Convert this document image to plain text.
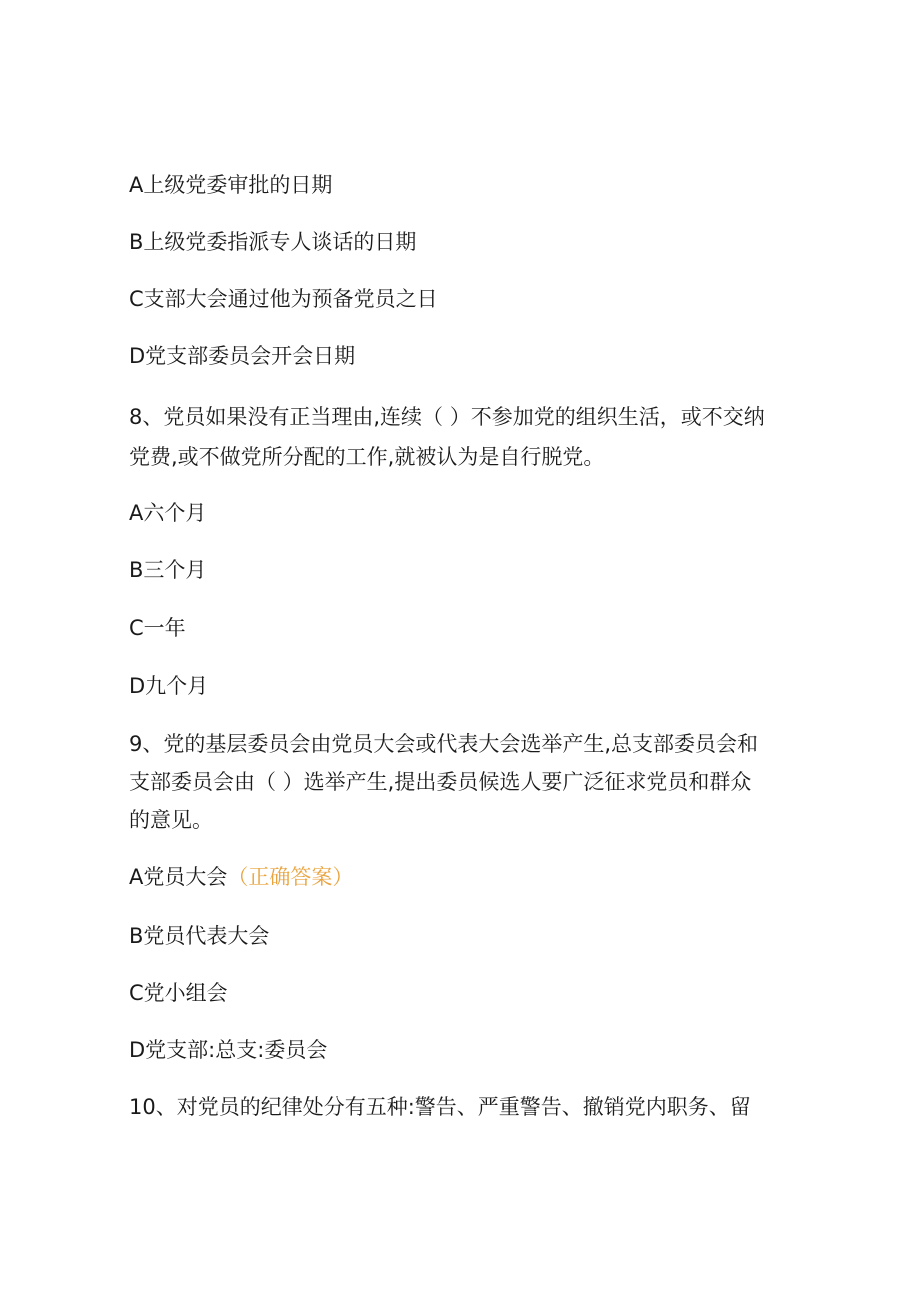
A上级党委审批的日期
B上级党委指派专人谈话的日期
C支部大会通过他为预备党员之日
D党支部委员会开会日期
8、党员如果没有正当理由,连续（ ）不参加党的组织生活，或不交纳
党费,或不做党所分配的工作,就被认为是自行脱党。
A六个月
B三个月
C一年
D九个月
9、党的基层委员会由党员大会或代表大会选举产生,总支部委员会和
支部委员会由（ ）选举产生,提出委员候选人要广泛征求党员和群众
的意见。
A党员大会（正确答案）
B党员代表大会
C党小组会
D党支部:总支:委员会
10、对党员的纪律处分有五种:警告、严重警告、撤销党内职务、留
